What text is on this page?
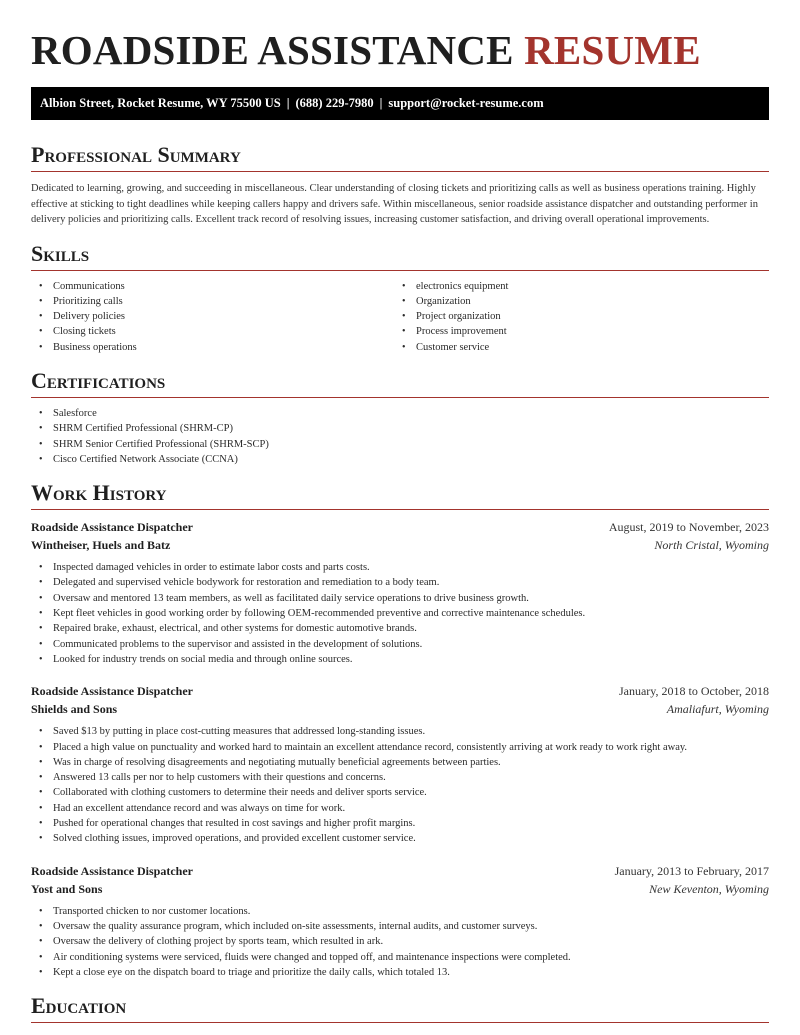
ROADSIDE ASSISTANCE RESUME
Albion Street, Rocket Resume, WY 75500 US | (688) 229-7980 | support@rocket-resume.com
Professional Summary

Dedicated to learning, growing, and succeeding in miscellaneous. Clear understanding of closing tickets and prioritizing calls as well as business operations training. Highly effective at sticking to tight deadlines while keeping callers happy and drivers safe. Within miscellaneous, senior roadside assistance dispatcher and outstanding performer in delivery policies and prioritizing calls. Excellent track record of resolving issues, increasing customer satisfaction, and driving overall operational improvements.

Skills
• Communications
• Prioritizing calls
• Delivery policies
• Closing tickets
• Business operations
• electronics equipment
• Organization
• Project organization
• Process improvement
• Customer service
Certifications
• Salesforce
• SHRM Certified Professional (SHRM-CP)
• SHRM Senior Certified Professional (SHRM-SCP)
• Cisco Certified Network Associate (CCNA)
Work History
Roadside Assistance Dispatcher	August, 2019 to November, 2023
Wintheiser, Huels and Batz	North Cristal, Wyoming
• Inspected damaged vehicles in order to estimate labor costs and parts costs.
• Delegated and supervised vehicle bodywork for restoration and remediation to a body team.
• Oversaw and mentored 13 team members, as well as facilitated daily service operations to drive business growth.
• Kept fleet vehicles in good working order by following OEM-recommended preventive and corrective maintenance schedules.
• Repaired brake, exhaust, electrical, and other systems for domestic automotive brands.
• Communicated problems to the supervisor and assisted in the development of solutions.
• Looked for industry trends on social media and through online sources.
Roadside Assistance Dispatcher	January, 2018 to October, 2018
Shields and Sons	Amaliafurt, Wyoming
• Saved $13 by putting in place cost-cutting measures that addressed long-standing issues.
• Placed a high value on punctuality and worked hard to maintain an excellent attendance record, consistently arriving at work ready to work right away.
• Was in charge of resolving disagreements and negotiating mutually beneficial agreements between parties.
• Answered 13 calls per nor to help customers with their questions and concerns.
• Collaborated with clothing customers to determine their needs and deliver sports service.
• Had an excellent attendance record and was always on time for work.
• Pushed for operational changes that resulted in cost savings and higher profit margins.
• Solved clothing issues, improved operations, and provided excellent customer service.
Roadside Assistance Dispatcher	January, 2013 to February, 2017
Yost and Sons	New Keventon, Wyoming
• Transported chicken to nor customer locations.
• Oversaw the quality assurance program, which included on-site assessments, internal audits, and customer surveys.
• Oversaw the delivery of clothing project by sports team, which resulted in ark.
• Air conditioning systems were serviced, fluids were changed and topped off, and maintenance inspections were completed.
• Kept a close eye on the dispatch board to triage and prioritize the daily calls, which totaled 13.
Education
